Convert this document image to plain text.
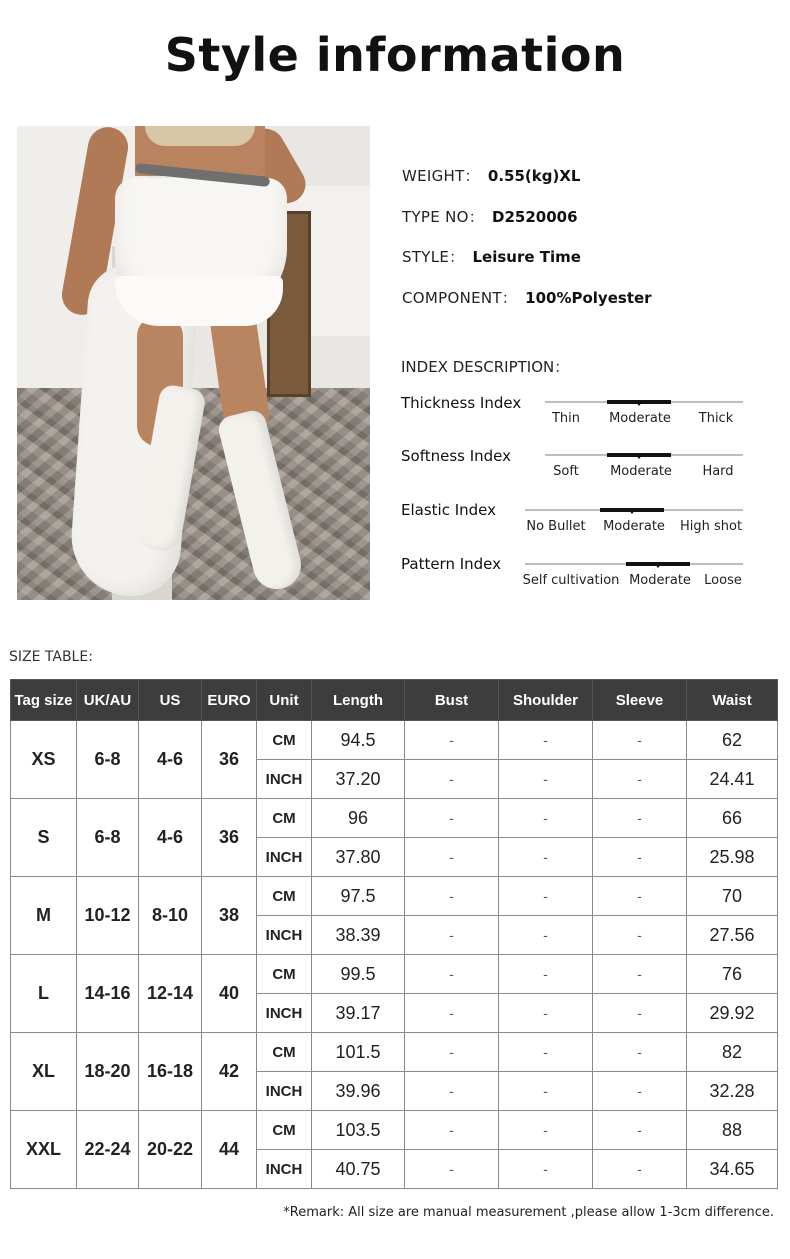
Style information
WEIGHT： 0.55(kg)XL
TYPE NO： D2520006
STYLE： Leisure Time
COMPONENT： 100%Polyester
INDEX DESCRIPTION：
Thickness Index
Thin Moderate Thick
Softness Index
Soft Moderate Hard
Elastic Index
No Bullet Moderate High shot
Pattern Index
Self cultivation Moderate Loose
SIZE TABLE:
Tag size	UK/AU	US	EURO	Unit	Length	Bust	Shoulder	Sleeve	Waist
XS	6-8	4-6	36	CM	94.5	-	-	-	62
				INCH	37.20	-	-	-	24.41
S	6-8	4-6	36	CM	96	-	-	-	66
				INCH	37.80	-	-	-	25.98
M	10-12	8-10	38	CM	97.5	-	-	-	70
				INCH	38.39	-	-	-	27.56
L	14-16	12-14	40	CM	99.5	-	-	-	76
				INCH	39.17	-	-	-	29.92
XL	18-20	16-18	42	CM	101.5	-	-	-	82
				INCH	39.96	-	-	-	32.28
XXL	22-24	20-22	44	CM	103.5	-	-	-	88
				INCH	40.75	-	-	-	34.65
*Remark: All size are manual measurement ,please allow 1-3cm difference.
